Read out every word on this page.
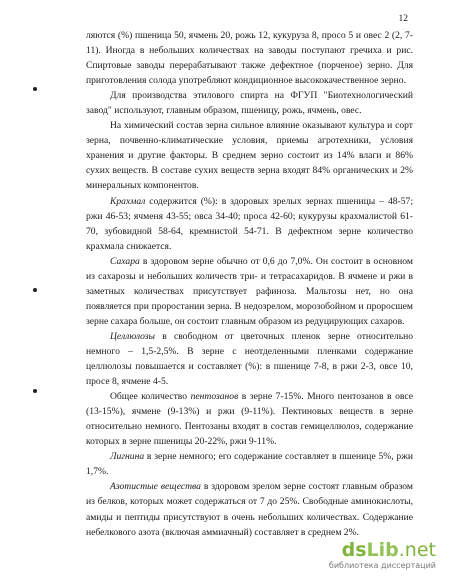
12

ляются (%) пшеница 50, ячмень 20, рожь 12, кукуруза 8, просо 5 и овес 2 (2, 7-11). Иногда в небольших количествах на заводы поступают гречиха и рис. Спиртовые заводы перерабатывают также дефектное (порченое) зерно. Для приготовления солода употребляют кондиционное высококачественное зерно.

Для производства этилового спирта на ФГУП "Биотехнологический завод" используют, главным образом, пшеницу, рожь, ячмень, овес.

На химический состав зерна сильное влияние оказывают культура и сорт зерна, почвенно-климатические условия, приемы агротехники, условия хранения и другие факторы. В среднем зерно состоит из 14% влаги и 86% сухих веществ. В составе сухих веществ зерна входят 84% органических и 2% минеральных компонентов.

Крахмал содержится (%): в здоровых зрелых зернах пшеницы – 48-57; ржи 46-53; ячменя 43-55; овса 34-40; проса 42-60; кукурузы крахмалистой 61-70, зубовидной 58-64, кремнистой 54-71. В дефектном зерне количество крахмала снижается.

Сахара в здоровом зерне обычно от 0,6 до 7,0%. Он состоит в основном из сахарозы и небольших количеств три- и тетрасахаридов. В ячмене и ржи в заметных количествах присутствует рафиноза. Мальтозы нет, но она появляется при проростании зерна. В недозрелом, морозобойном и проросшем зерне сахара больше, он состоит главным образом из редуцирующих сахаров.

Целлюлозы в свободном от цветочных пленок зерне относительно немного – 1,5-2,5%. В зерне с неотделенными пленками содержание целлюлозы повышается и составляет (%): в пшенице 7-8, в ржи 2-3, овсе 10, просе 8, ячмене 4-5.

Общее количество пентозанов в зерне 7-15%. Много пентозанов в овсе (13-15%), ячмене (9-13%) и ржи (9-11%). Пектиновых веществ в зерне относительно немного. Пентозаны входят в состав гемицеллюлоз, содержание которых в зерне пшеницы 20-22%, ржи 9-11%.

Лигнина в зерне немного; его содержание составляет в пшенице 5%, ржи 1,7%.

Азотистые вещества в здоровом зрелом зерне состоят главным образом из белков, которых может содержаться от 7 до 25%. Свободные аминокислоты, амиды и пептиды присутствуют в очень небольших количествах. Содержание небелкового азота (включая аммиачный) составляет в среднем 2%.

dsLib.net
библиотека диссертаций
